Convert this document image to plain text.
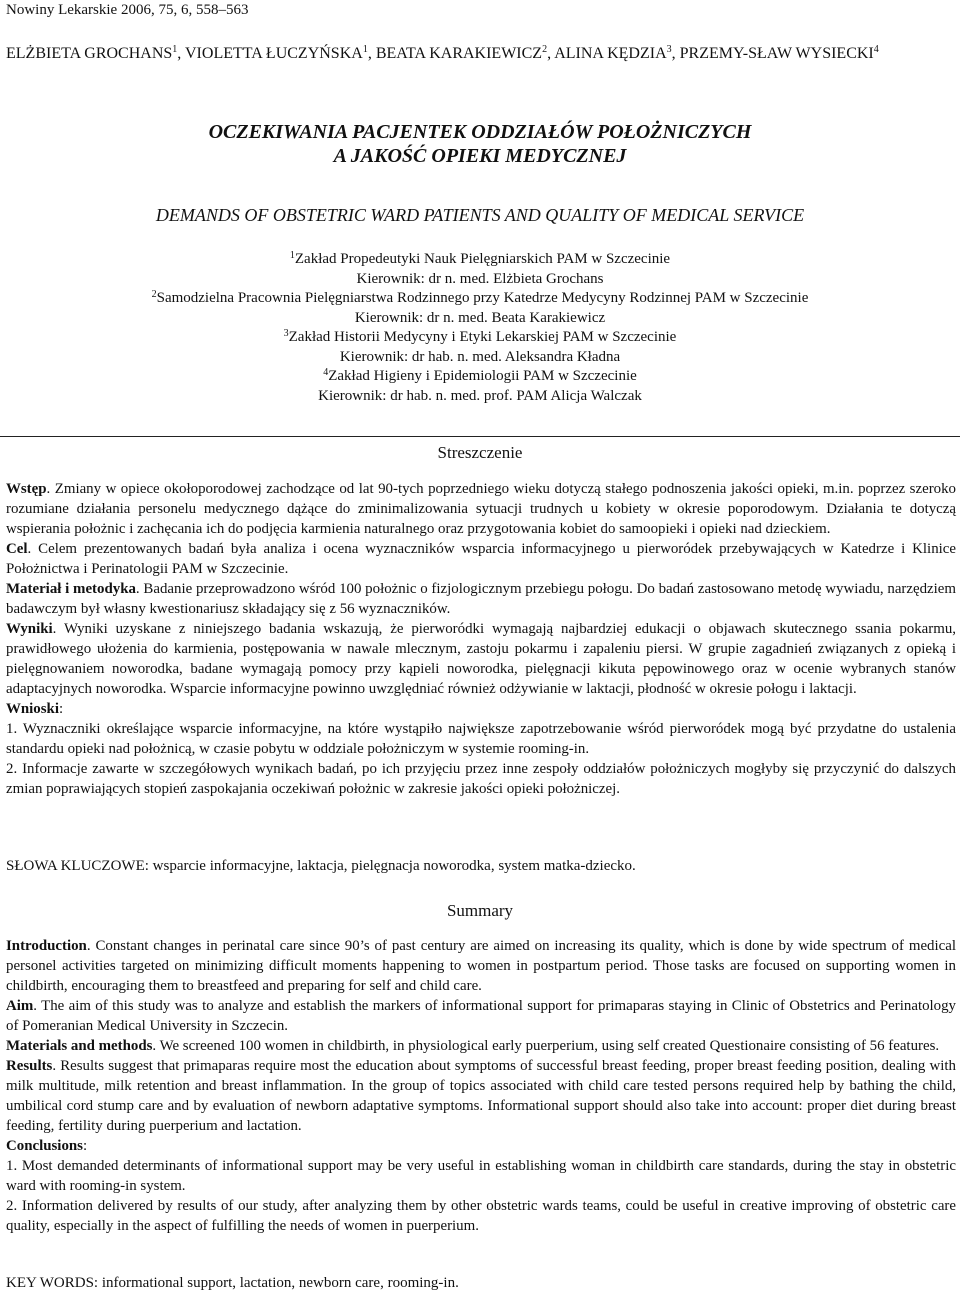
Nowiny Lekarskie 2006, 75, 6, 558–563
ELŻBIETA GROCHANS$^1$, VIOLETTA ŁUCZYŃSKA$^1$, BEATA KARAKIEWICZ$^2$, ALINA KĘDZIA$^3$, PRZEMY-SŁAW WYSIECKI$^4$
OCZEKIWANIA PACJENTEK ODDZIAŁÓW POŁOŻNICZYCH
A JAKOŚĆ OPIEKI MEDYCZNEJ
DEMANDS OF OBSTETRIC WARD PATIENTS AND QUALITY OF MEDICAL SERVICE
$^1$Zakład Propedeutyki Nauk Pielęgniarskich PAM w Szczecinie
Kierownik: dr n. med. Elżbieta Grochans
$^2$Samodzielna Pracownia Pielęgniarstwa Rodzinnego przy Katedrze Medycyny Rodzinnej PAM w Szczecinie
Kierownik: dr n. med. Beata Karakiewicz
$^3$Zakład Historii Medycyny i Etyki Lekarskiej PAM w Szczecinie
Kierownik: dr hab. n. med. Aleksandra Kładna
$^4$Zakład Higieny i Epidemiologii PAM w Szczecinie
Kierownik: dr hab. n. med. prof. PAM Alicja Walczak
Streszczenie

Wstęp. Zmiany w opiece okołoporodowej zachodzące od lat 90-tych poprzedniego wieku dotyczą stałego podnoszenia jakości opieki, m.in. poprzez szeroko rozumiane działania personelu medycznego dążące do zminimalizowania sytuacji trudnych u kobiety w okresie poporodowym. Działania te dotyczą wspierania położnic i zachęcania ich do podjęcia karmienia naturalnego oraz przygotowania kobiet do samoopieki i opieki nad dzieckiem.

Cel. Celem prezentowanych badań była analiza i ocena wyznaczników wsparcia informacyjnego u pierworódek przebywających w Katedrze i Klinice Położnictwa i Perinatologii PAM w Szczecinie.

Materiał i metodyka. Badanie przeprowadzono wśród 100 położnic o fizjologicznym przebiegu połogu. Do badań zastosowano metodę wywiadu, narzędziem badawczym był własny kwestionariusz składający się z 56 wyznaczników.

Wyniki. Wyniki uzyskane z niniejszego badania wskazują, że pierworódki wymagają najbardziej edukacji o objawach skutecznego ssania pokarmu, prawidłowego ułożenia do karmienia, postępowania w nawale mlecznym, zastoju pokarmu i zapaleniu piersi. W grupie zagadnień związanych z opieką i pielęgnowaniem noworodka, badane wymagają pomocy przy kąpieli noworodka, pielęgnacji kikuta pępowinowego oraz w ocenie wybranych stanów adaptacyjnych noworodka. Wsparcie informacyjne powinno uwzględniać również odżywianie w laktacji, płodność w okresie połogu i laktacji.

Wnioski:

1. Wyznaczniki określające wsparcie informacyjne, na które wystąpiło największe zapotrzebowanie wśród pierworódek mogą być przydatne do ustalenia standardu opieki nad położnicą, w czasie pobytu w oddziale położniczym w systemie rooming-in.

2. Informacje zawarte w szczegółowych wynikach badań, po ich przyjęciu przez inne zespoły oddziałów położniczych mogłyby się przyczynić do dalszych zmian poprawiających stopień zaspokajania oczekiwań położnic w zakresie jakości opieki położniczej.

SŁOWA KLUCZOWE: wsparcie informacyjne, laktacja, pielęgnacja noworodka, system matka-dziecko.
Summary

Introduction. Constant changes in perinatal care since 90’s of past century are aimed on increasing its quality, which is done by wide spectrum of medical personel activities targeted on minimizing difficult moments happening to women in postpartum period. Those tasks are focused on supporting women in childbirth, encouraging them to breastfeed and preparing for self and child care.

Aim. The aim of this study was to analyze and establish the markers of informational support for primaparas staying in Clinic of Obstetrics and Perinatology of Pomeranian Medical University in Szczecin.

Materials and methods. We screened 100 women in childbirth, in physiological early puerperium, using self created Questionaire consisting of 56 features.

Results. Results suggest that primaparas require most the education about symptoms of successful breast feeding, proper breast feeding position, dealing with milk multitude, milk retention and breast inflammation. In the group of topics associated with child care tested persons required help by bathing the child, umbilical cord stump care and by evaluation of newborn adaptative symptoms. Informational support should also take into account: proper diet during breast feeding, fertility during puerperium and lactation.

Conclusions:

1. Most demanded determinants of informational support may be very useful in establishing woman in childbirth care standards, during the stay in obstetric ward with rooming-in system.

2. Information delivered by results of our study, after analyzing them by other obstetric wards teams, could be useful in creative improving of obstetric care quality, especially in the aspect of fulfilling the needs of women in puerperium.

KEY WORDS: informational support, lactation, newborn care, rooming-in.
